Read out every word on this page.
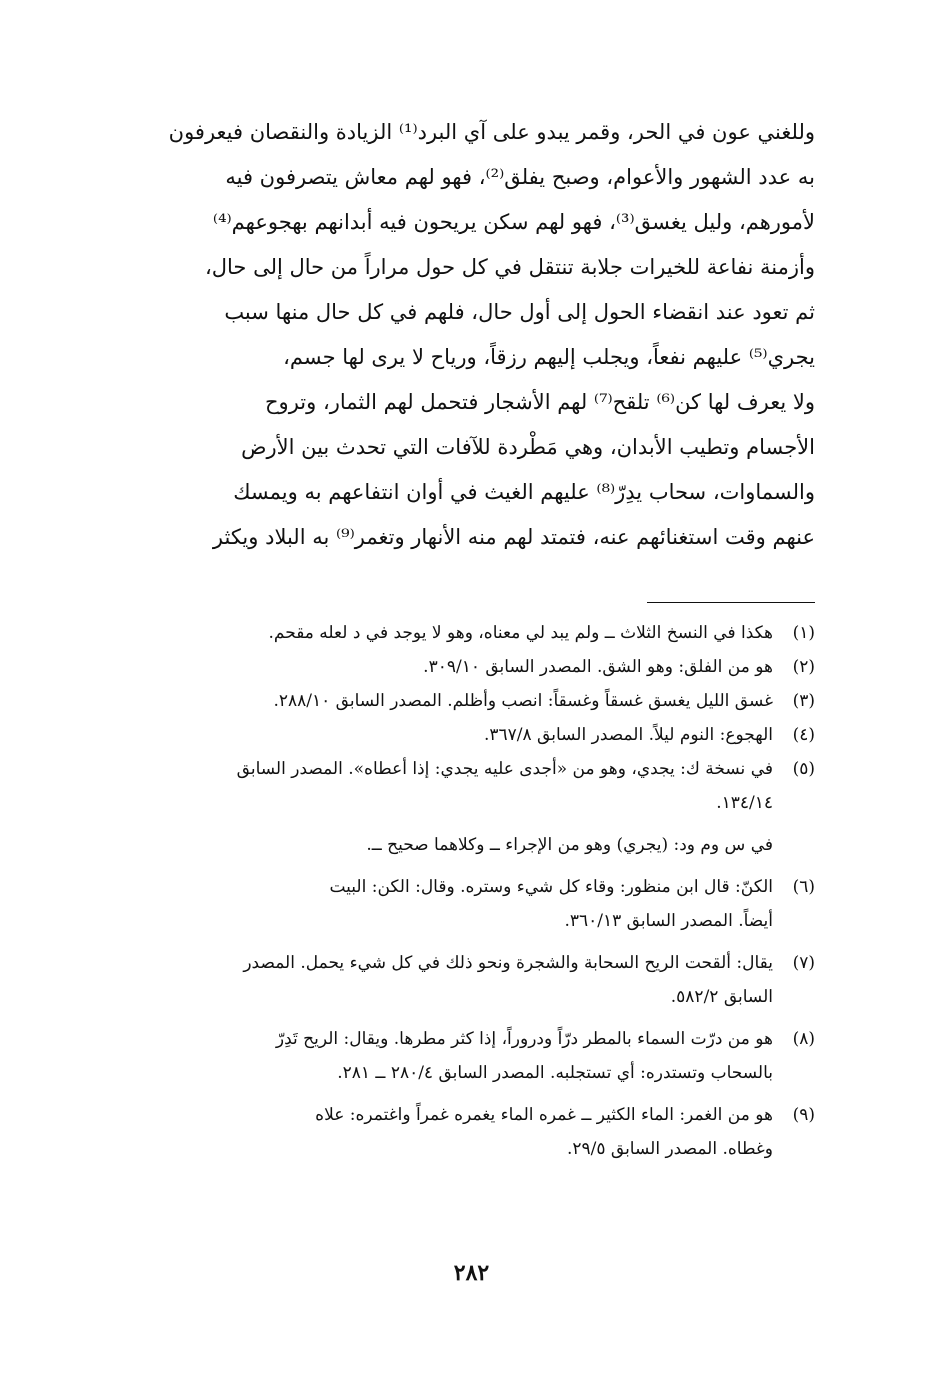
وللغني عون في الحر، وقمر يبدو على آي البرد⁽¹⁾ الزيادة والنقصان فيعرفون
به عدد الشهور والأعوام، وصبح يفلق⁽²⁾، فهو لهم معاش يتصرفون فيه
لأمورهم، وليل يغسق⁽³⁾، فهو لهم سكن يريحون فيه أبدانهم بهجوعهم⁽⁴⁾
وأزمنة نفاعة للخيرات جلابة تنتقل في كل حول مراراً من حال إلى حال،
ثم تعود عند انقضاء الحول إلى أول حال، فلهم في كل حال منها سبب
يجري⁽⁵⁾ عليهم نفعاً، ويجلب إليهم رزقاً، ورياح لا يرى لها جسم،
ولا يعرف لها كن⁽⁶⁾ تلقح⁽⁷⁾ لهم الأشجار فتحمل لهم الثمار، وتروح
الأجسام وتطيب الأبدان، وهي مَطْردة للآفات التي تحدث بين الأرض
والسماوات، سحاب يدِرّ⁽⁸⁾ عليهم الغيث في أوان انتفاعهم به ويمسك
عنهم وقت استغنائهم عنه، فتمتد لهم منه الأنهار وتغمر⁽⁹⁾ به البلاد ويكثر
(١)
هكذا في النسخ الثلاث ــ ولم يبد لي معناه، وهو لا يوجد في د لعله مقحم.
(٢)
هو من الفلق: وهو الشق. المصدر السابق ٣٠٩/١٠.
(٣)
غسق الليل يغسق غسقاً وغسقاً: انصب وأظلم. المصدر السابق ٢٨٨/١٠.
(٤)
الهجوع: النوم ليلاً. المصدر السابق ٣٦٧/٨.
(٥)
في نسخة ك: يجدي، وهو من «أجدى عليه يجدي: إذا أعطاه». المصدر السابق
١٣٤/١٤.
في س وم ود: (يجري) وهو من الإجراء ــ وكلاهما صحيح ــ.
(٦)
الكنّ: قال ابن منظور: وقاء كل شيء وستره. وقال: الكن: البيت
أيضاً. المصدر السابق ٣٦٠/١٣.
(٧)
يقال: ألقحت الريح السحابة والشجرة ونحو ذلك في كل شيء يحمل. المصدر
السابق ٥٨٢/٢.
(٨)
هو من درّت السماء بالمطر درّاً ودروراً، إذا كثر مطرها. ويقال: الريح تَدِرّ
بالسحاب وتستدره: أي تستجلبه. المصدر السابق ٢٨٠/٤ ــ ٢٨١.
(٩)
هو من الغمر: الماء الكثير ــ غمره الماء يغمره غمراً واغتمره: علاه
وغطاه. المصدر السابق ٢٩/٥.
٢٨٢
